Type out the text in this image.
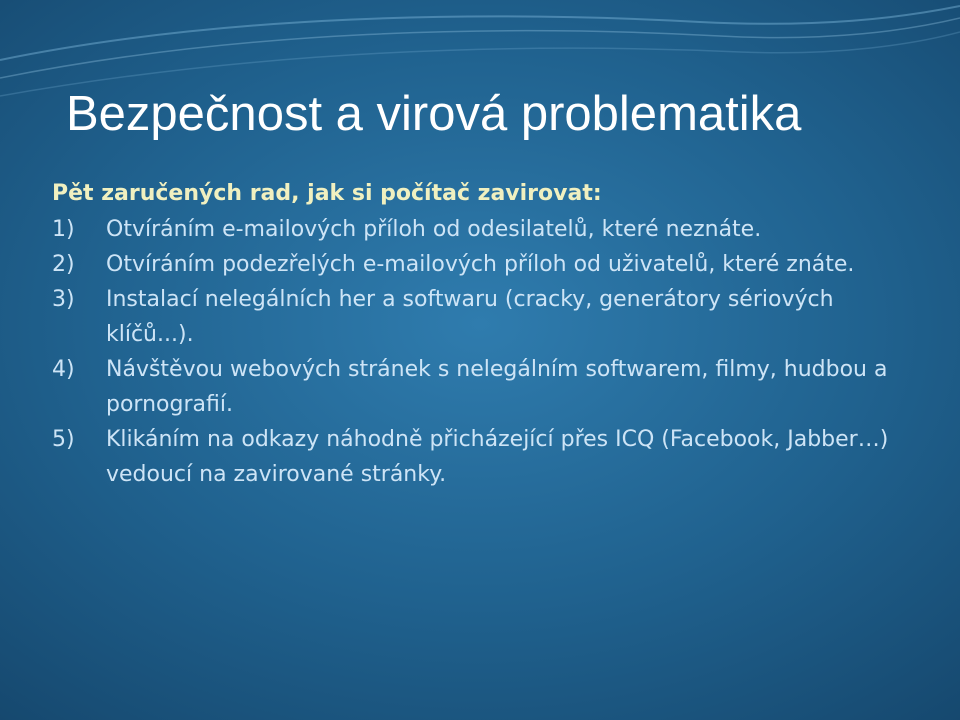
Bezpečnost a virová problematika

Pět zaručených rad, jak si počítač zavirovat:

1)	Otvíráním e-mailových příloh od odesilatelů, které neznáte.
2)	Otvíráním podezřelých e-mailových příloh od uživatelů, které znáte.
3)	Instalací nelegálních her a softwaru (cracky, generátory sériových klíčů...).
4)	Návštěvou webových stránek s nelegálním softwarem, filmy, hudbou a pornografií.
5)	Klikáním na odkazy náhodně přicházející přes ICQ (Facebook, Jabber…) vedoucí na zavirované stránky.
